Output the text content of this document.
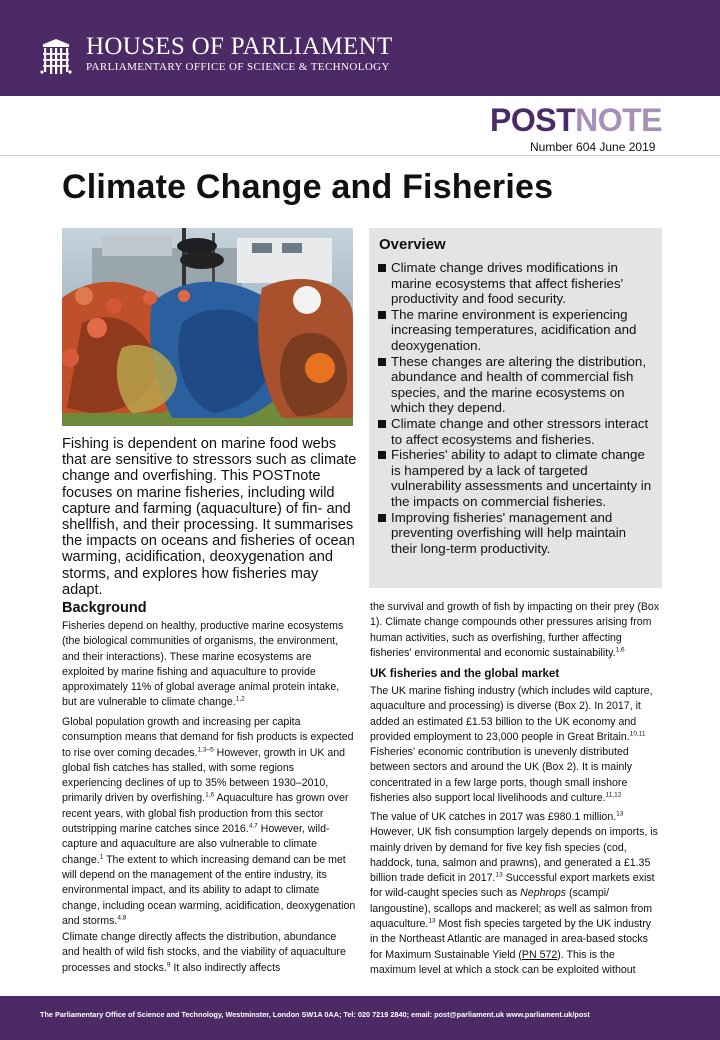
HOUSES OF PARLIAMENT
PARLIAMENTARY OFFICE OF SCIENCE & TECHNOLOGY
POSTNOTE
Number 604 June 2019
Climate Change and Fisheries
Fishing is dependent on marine food webs that are sensitive to stressors such as climate change and overfishing. This POSTnote focuses on marine fisheries, including wild capture and farming (aquaculture) of fin- and shellfish, and their processing. It summarises the impacts on oceans and fisheries of ocean warming, acidification, deoxygenation and storms, and explores how fisheries may adapt.
Overview
Climate change drives modifications in marine ecosystems that affect fisheries' productivity and food security.
The marine environment is experiencing increasing temperatures, acidification and deoxygenation.
These changes are altering the distribution, abundance and health of commercial fish species, and the marine ecosystems on which they depend.
Climate change and other stressors interact to affect ecosystems and fisheries.
Fisheries' ability to adapt to climate change is hampered by a lack of targeted vulnerability assessments and uncertainty in the impacts on commercial fisheries.
Improving fisheries' management and preventing overfishing will help maintain their long-term productivity.
Background

Fisheries depend on healthy, productive marine ecosystems (the biological communities of organisms, the environment, and their interactions). These marine ecosystems are exploited by marine fishing and aquaculture to provide approximately 11% of global average animal protein intake, but are vulnerable to climate change.$^{1,2}$

Global population growth and increasing per capita consumption means that demand for fish products is expected to rise over coming decades.$^{1,3-5}$ However, growth in UK and global fish catches has stalled, with some regions experiencing declines of up to 35% between 1930–2010, primarily driven by overfishing.$^{1,6}$ Aquaculture has grown over recent years, with global fish production from this sector outstripping marine catches since 2016.$^{4,7}$ However, wild-capture and aquaculture are also vulnerable to climate change.$^1$ The extent to which increasing demand can be met will depend on the management of the entire industry, its environmental impact, and its ability to adapt to climate change, including ocean warming, acidification, deoxygenation and storms.$^{4,8}$

Climate change directly affects the distribution, abundance and health of wild fish stocks, and the viability of aquaculture processes and stocks.$^9$ It also indirectly affects

the survival and growth of fish by impacting on their prey (Box 1). Climate change compounds other pressures arising from human activities, such as overfishing, further affecting fisheries' environmental and economic sustainability.$^{1,6}$

UK fisheries and the global market

The UK marine fishing industry (which includes wild capture, aquaculture and processing) is diverse (Box 2). In 2017, it added an estimated £1.53 billion to the UK economy and provided employment to 23,000 people in Great Britain.$^{10,11}$ Fisheries' economic contribution is unevenly distributed between sectors and around the UK (Box 2). It is mainly concentrated in a few large ports, though small inshore fisheries also support local livelihoods and culture.$^{11,12}$

The value of UK catches in 2017 was £980.1 million.$^{13}$ However, UK fish consumption largely depends on imports, is mainly driven by demand for five key fish species (cod, haddock, tuna, salmon and prawns), and generated a £1.35 billion trade deficit in 2017.13 Successful export markets exist for wild-caught species such as Nephrops (scampi/ langoustine), scallops and mackerel; as well as salmon from aquaculture.$^{13}$ Most fish species targeted by the UK industry in the Northeast Atlantic are managed in area-based stocks for Maximum Sustainable Yield (PN 572). This is the maximum level at which a stock can be exploited without

The Parliamentary Office of Science and Technology, Westminster, London SW1A 0AA; Tel: 020 7219 2840; email: post@parliament.uk www.parliament.uk/post
